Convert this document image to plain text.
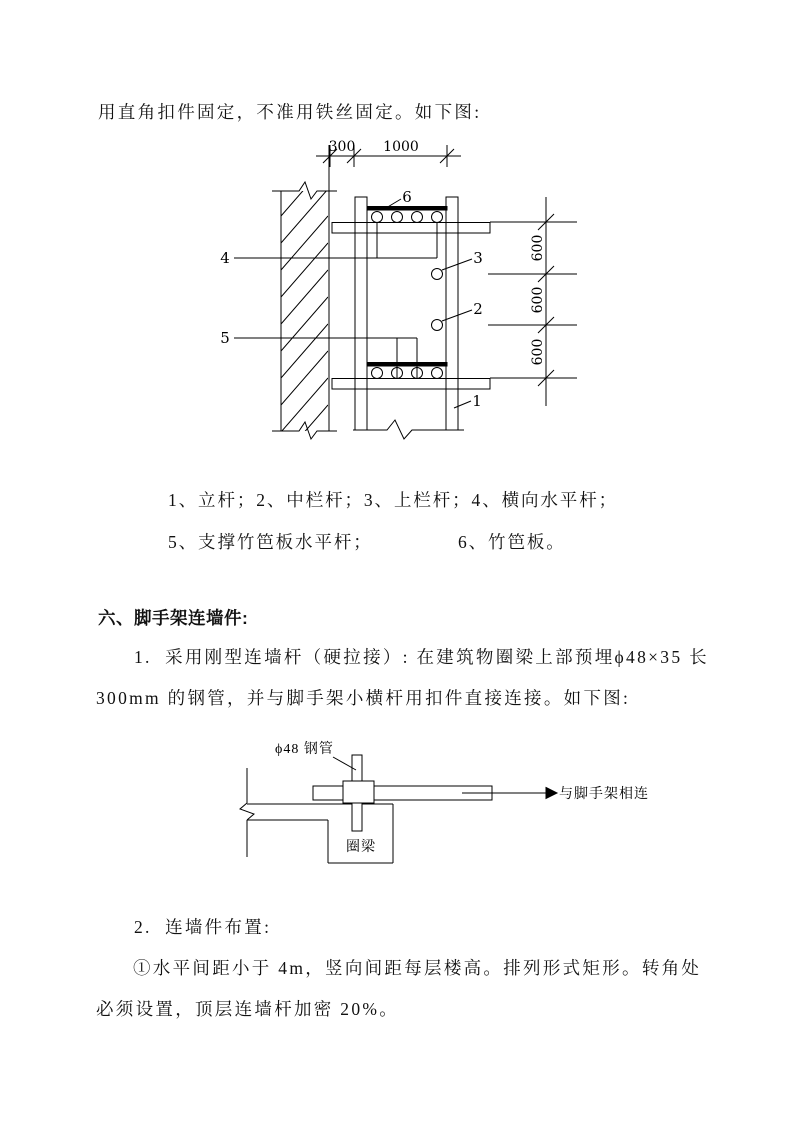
用直角扣件固定，不准用铁丝固定。如下图:
300 1000
4
5
3
2
1
6
600
600
600
1、立杆；2、中栏杆；3、上栏杆；4、横向水平杆；
5、支撑竹笆板水平杆；	6、竹笆板。
六、脚手架连墙件:
1.  采用刚型连墙杆（硬拉接）: 在建筑物圈梁上部预埋ϕ48×35 长
300mm 的钢管，并与脚手架小横杆用扣件直接连接。如下图:
圈梁
ϕ48 钢管
与脚手架相连
2.  连墙件布置:
①水平间距小于 4m，竖向间距每层楼高。排列形式矩形。转角处
必须设置，顶层连墙杆加密 20%。
